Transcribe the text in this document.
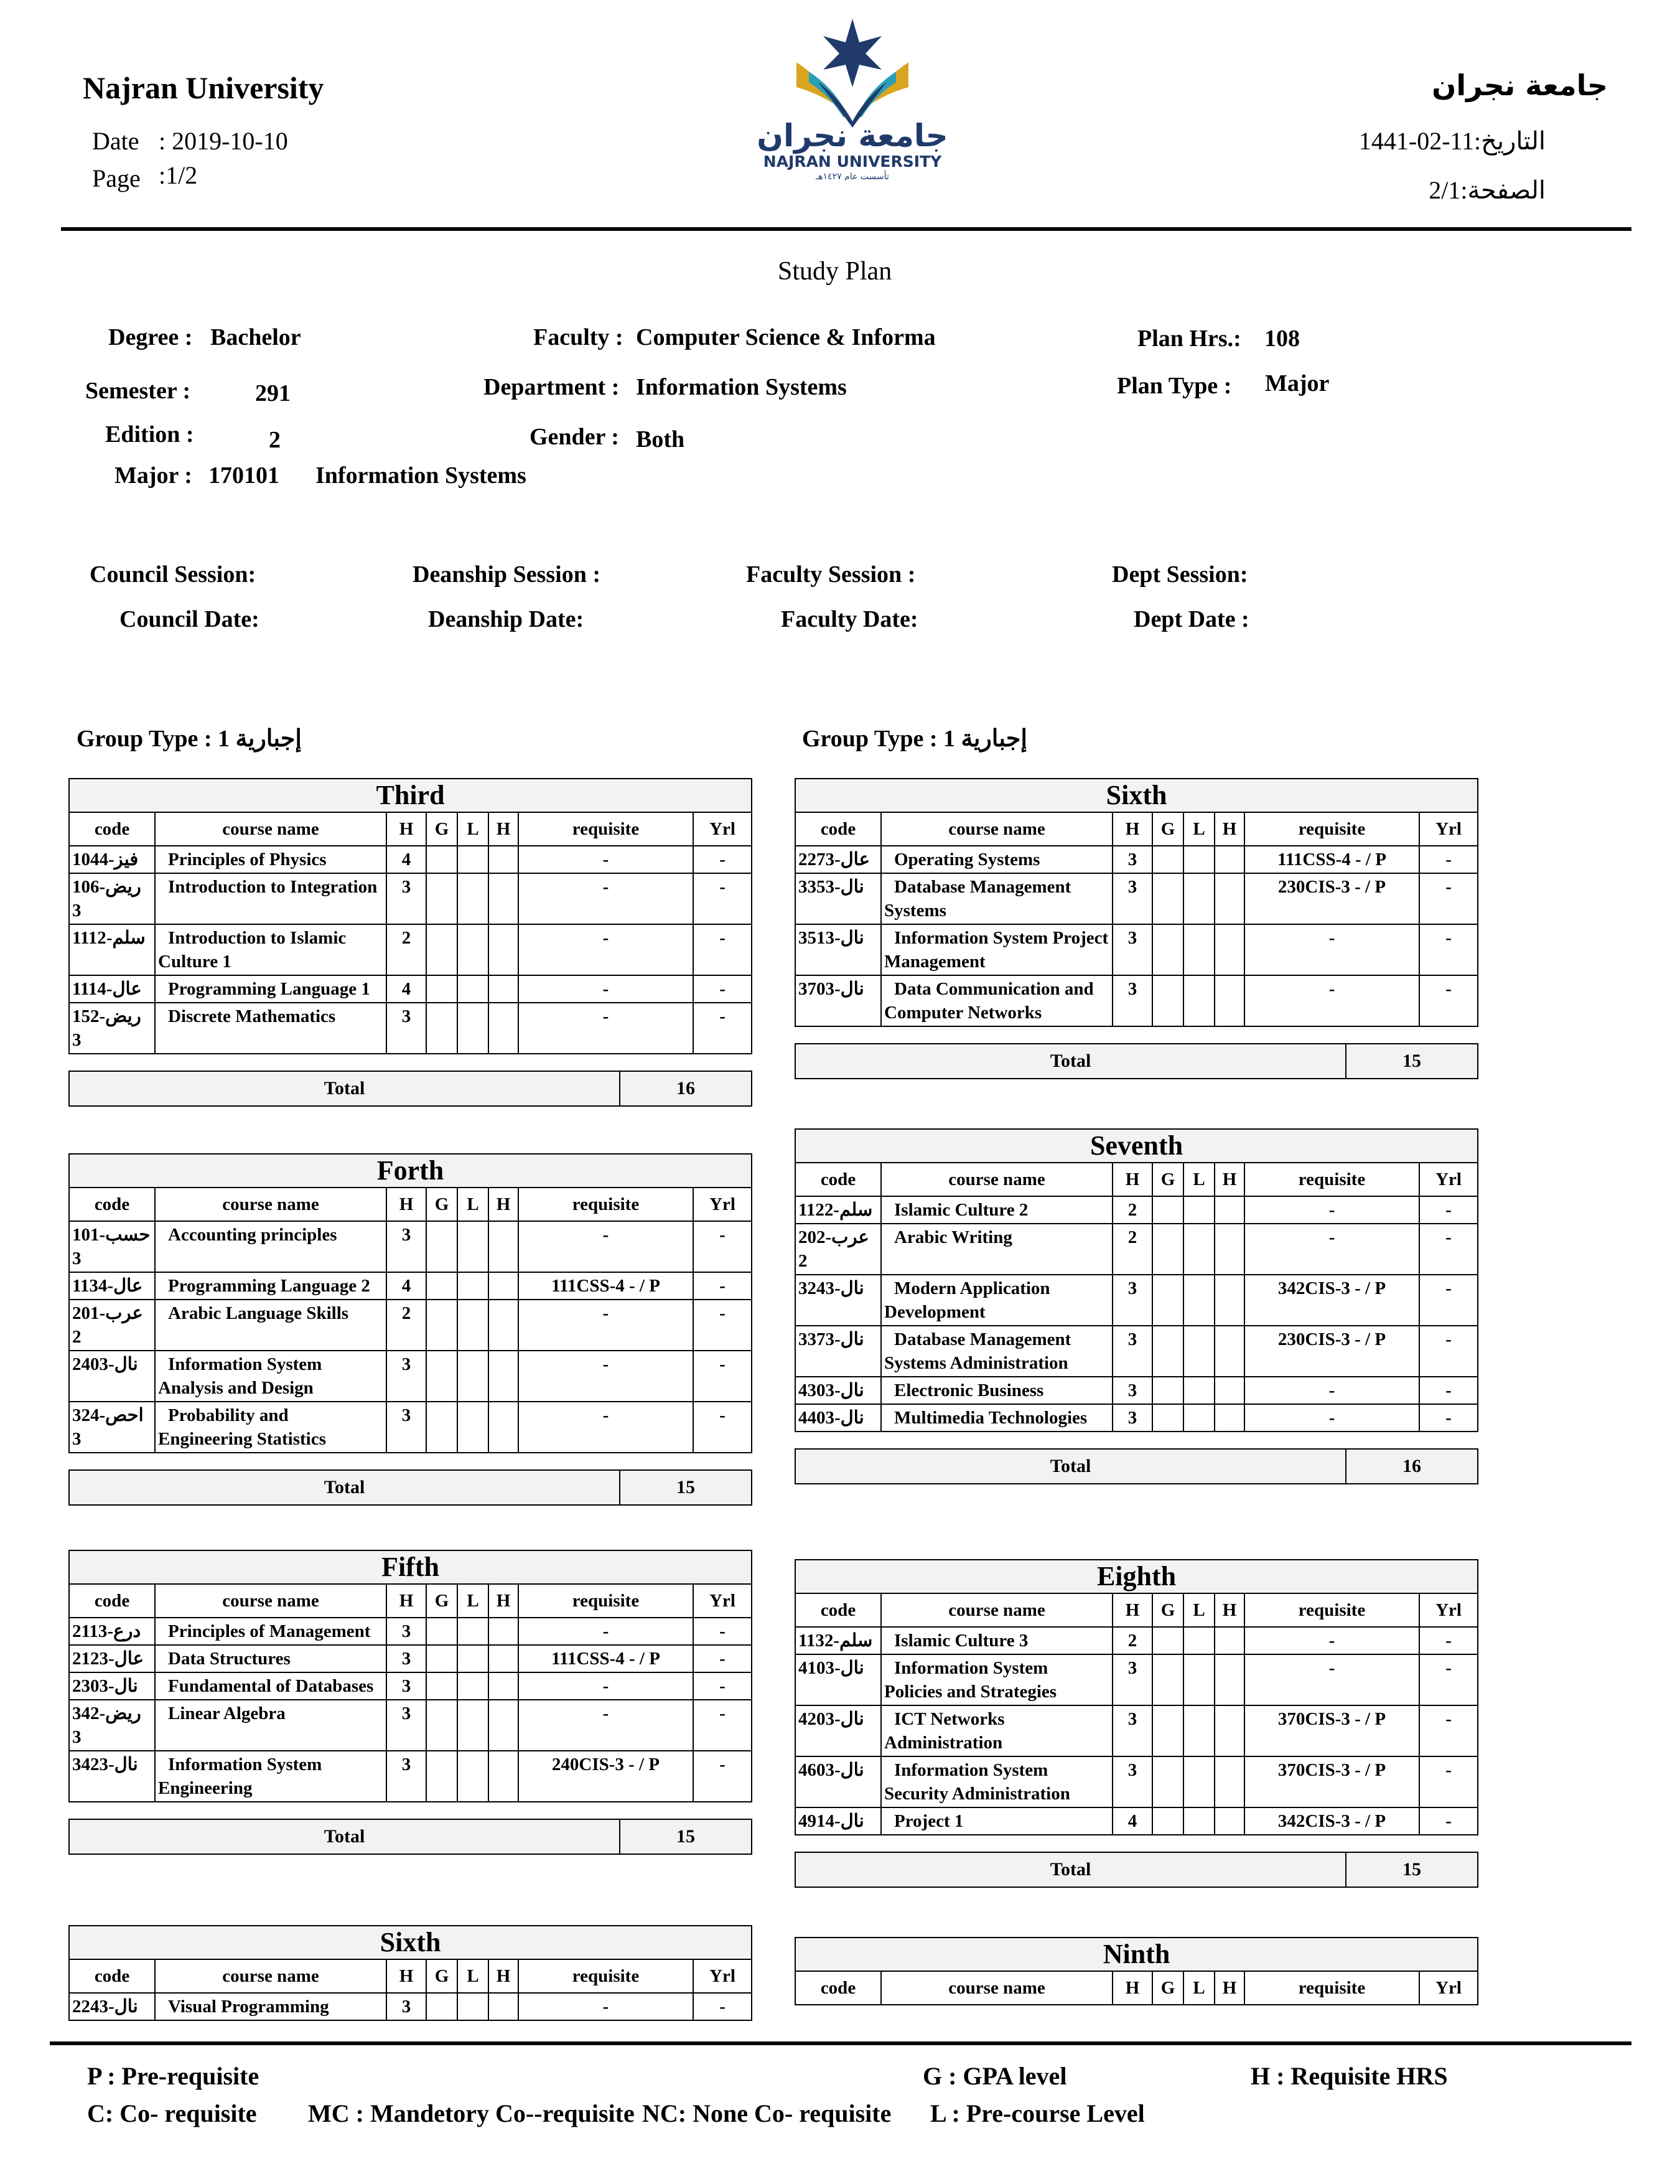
Najran University
Date : 2019-10-10
Page :1/2
جامعة نجران
NAJRAN UNIVERSITY
تأسست عام ١٤٢٧هـ
جامعة نجران
التاريخ:11-02-1441
الصفحة:2/1
Study Plan
Degree : Bachelor	Faculty : Computer Science & Informa	Plan Hrs.: 108
Semester :	291	Department : Information Systems	Plan Type : Major
Edition :	2	Gender : Both
Major : 170101 Information Systems
Council Session:	Deanship Session :	Faculty Session :	Dept Session:
Council Date:	Deanship Date:	Faculty Date:	Dept Date :
Group Type : 1 إجبارية	Group Type : 1 إجبارية
Third							
code	course name	H	G	L	H	requisite	Yrl
فيز-1044	Principles of Physics	4				-	-
ريض-106 3	Introduction to Integration	3				-	-
سلم-1112	Introduction to Islamic Culture 1	2				-	-
عال-1114	Programming Language 1	4				-	-
ريض-152 3	Discrete Mathematics	3				-	-
Total	16
Forth							
code	course name	H	G	L	H	requisite	Yrl
حسب-101 3	Accounting principles	3				-	-
عال-1134	Programming Language 2	4				111CSS-4 - / P	-
عرب-201 2	Arabic Language Skills	2				-	-
نال-2403	Information System Analysis and Design	3				-	-
احص-324 3	Probability and Engineering Statistics	3				-	-
Total	15
Fifth							
code	course name	H	G	L	H	requisite	Yrl
درع-2113	Principles of Management	3				-	-
عال-2123	Data Structures	3				111CSS-4 - / P	-
نال-2303	Fundamental of Databases	3				-	-
ريض-342 3	Linear Algebra	3				-	-
نال-3423	Information System Engineering	3				240CIS-3 - / P	-
Total	15
Sixth							
code	course name	H	G	L	H	requisite	Yrl
نال-2243	Visual Programming	3				-	-
Sixth							
code	course name	H	G	L	H	requisite	Yrl
عال-2273	Operating Systems	3				111CSS-4 - / P	-
نال-3353	Database Management Systems	3				230CIS-3 - / P	-
نال-3513	Information System Project Management	3				-	-
نال-3703	Data Communication and Computer Networks	3				-	-
Total	15
Seventh							
code	course name	H	G	L	H	requisite	Yrl
سلم-1122	Islamic Culture 2	2				-	-
عرب-202 2	Arabic Writing	2				-	-
نال-3243	Modern Application Development	3				342CIS-3 - / P	-
نال-3373	Database Management Systems Administration	3				230CIS-3 - / P	-
نال-4303	Electronic Business	3				-	-
نال-4403	Multimedia Technologies	3				-	-
Total	16
Eighth							
code	course name	H	G	L	H	requisite	Yrl
سلم-1132	Islamic Culture 3	2				-	-
نال-4103	Information System Policies and Strategies	3				-	-
نال-4203	ICT Networks Administration	3				370CIS-3 - / P	-
نال-4603	Information System Security Administration	3				370CIS-3 - / P	-
نال-4914	Project 1	4				342CIS-3 - / P	-
Total	15
Ninth
code	course name	H	G	L	H	requisite	Yrl
P : Pre-requisite	G : GPA level	H : Requisite HRS
C: Co- requisite MC : Mandetory Co--requisite NC: None Co- requisite L : Pre-course Level
